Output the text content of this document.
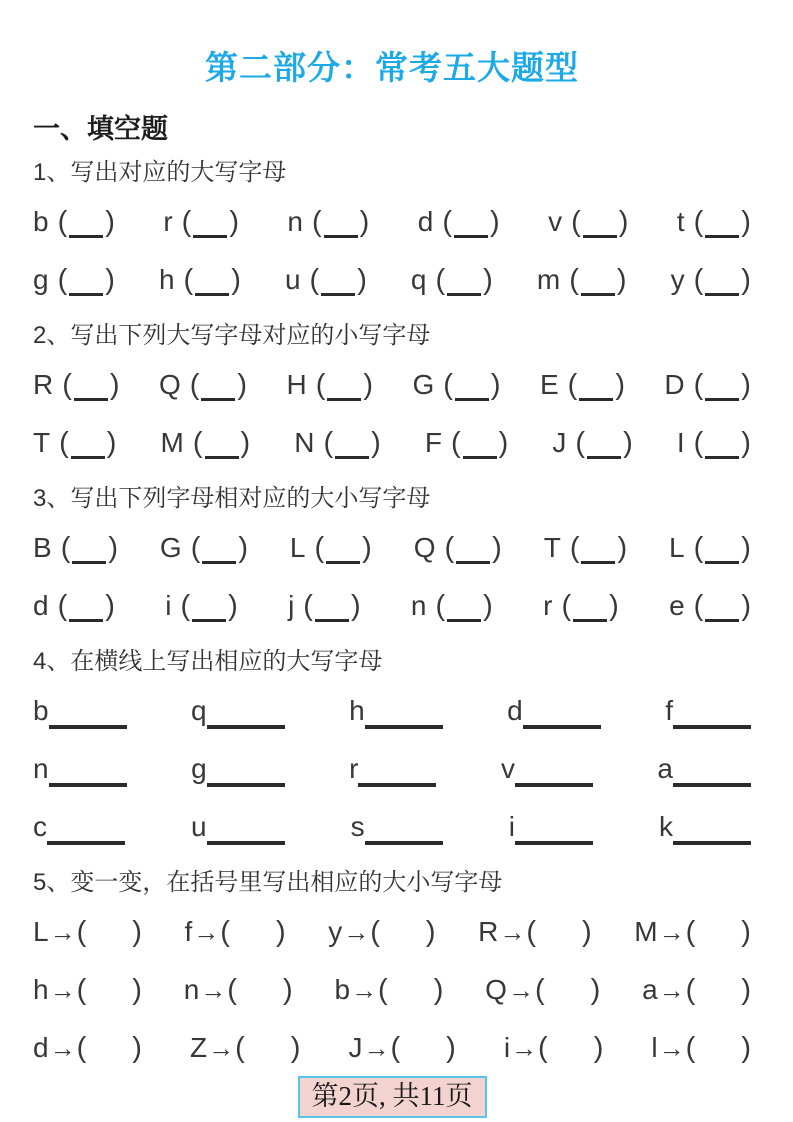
第二部分：常考五大题型
一、填空题

1、写出对应的大写字母

b ( ) r ( ) n ( ) d ( ) v ( ) t ( )
g ( ) h ( ) u ( ) q ( ) m ( ) y ( )

2、写出下列大写字母对应的小写字母

R ( ) Q ( ) H ( ) G ( ) E ( ) D ( )
T ( ) M ( ) N ( ) F ( ) J ( ) I ( )

3、写出下列字母相对应的大小写字母

B ( ) G ( ) L ( ) Q ( ) T ( ) L ( )
d ( ) i ( ) j ( ) n ( ) r ( ) e ( )

4、在横线上写出相应的大写字母

b	q	h	d	f
n	g	r	v	a
c	u	s	i	k

5、变一变，在括号里写出相应的大小写字母

L→( ) f→( ) y→( ) R→( ) M→( )
h→( ) n→( ) b→( ) Q→( ) a→( )
d→( ) Z→( ) J→( ) i→( ) l→( )
第2页, 共11页
